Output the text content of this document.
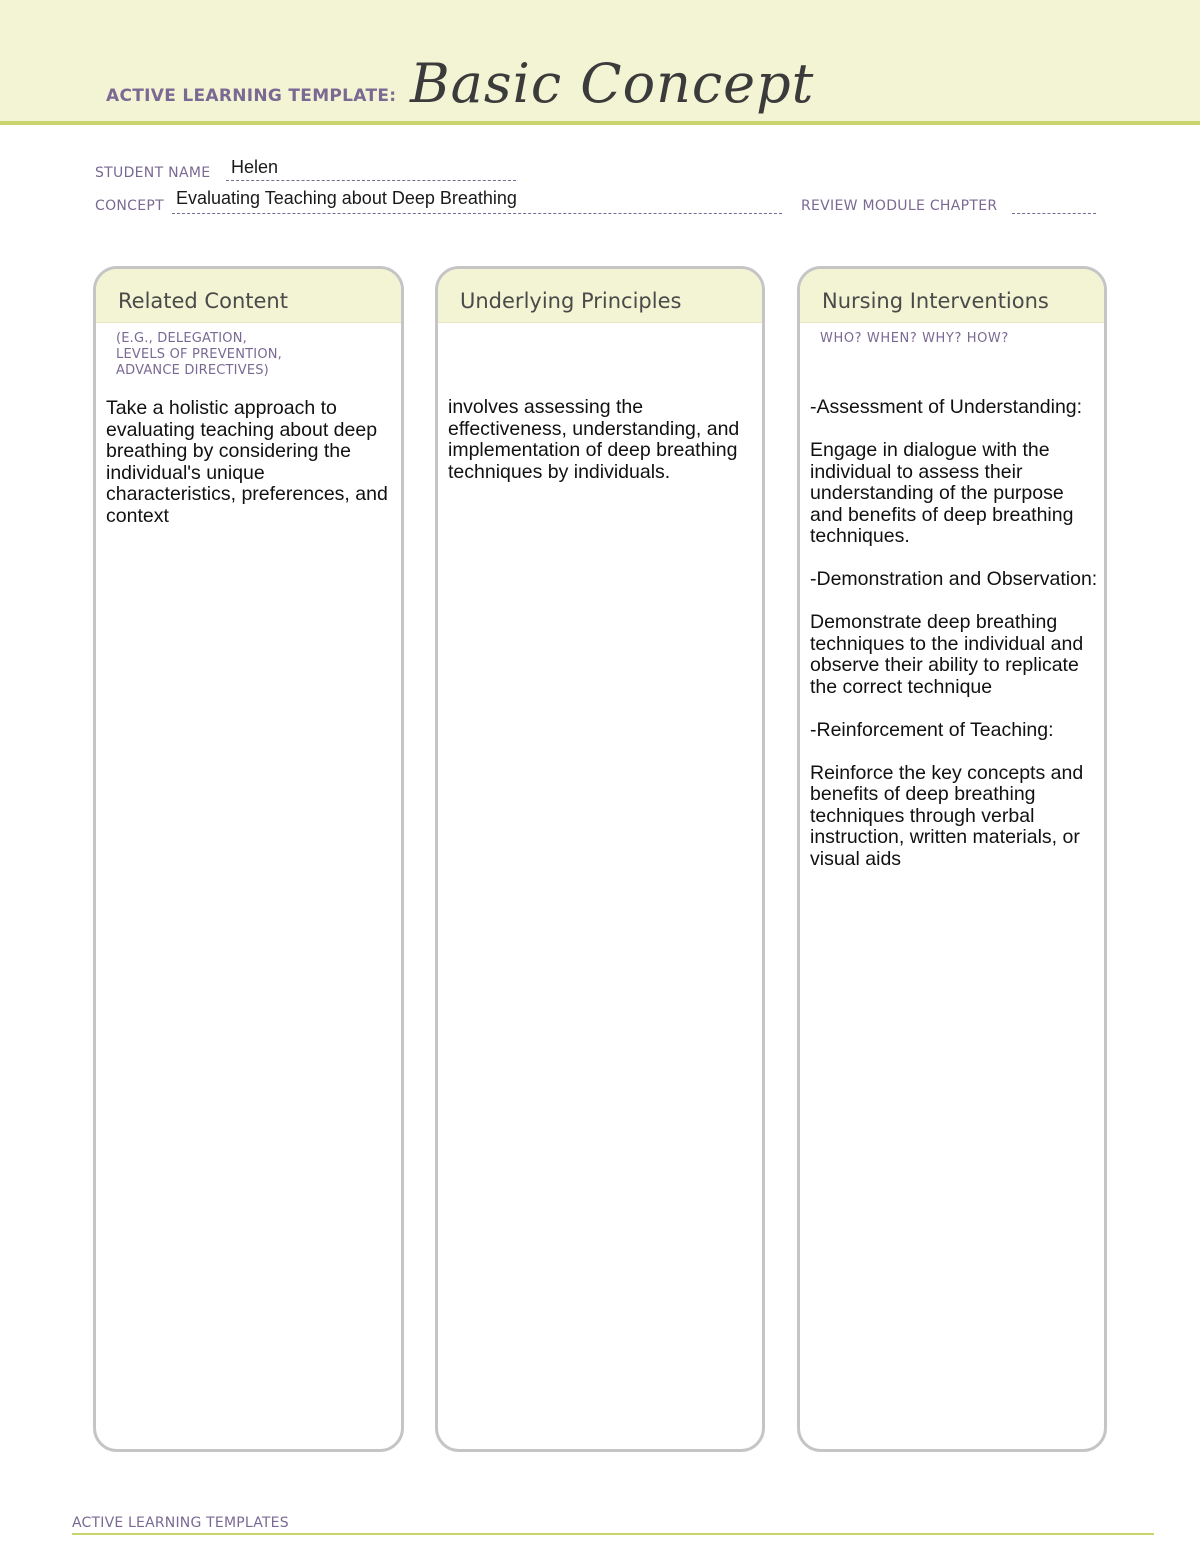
ACTIVE LEARNING TEMPLATE: Basic Concept
STUDENT NAME Helen
CONCEPT Evaluating Teaching about Deep Breathing	REVIEW MODULE CHAPTER
Related Content
(E.G., DELEGATION,
LEVELS OF PREVENTION,
ADVANCE DIRECTIVES)

Take a holistic approach to evaluating teaching about deep breathing by considering the individual's unique characteristics, preferences, and context

Underlying Principles

involves assessing the effectiveness, understanding, and implementation of deep breathing techniques by individuals.

Nursing Interventions
WHO? WHEN? WHY? HOW?

-Assessment of Understanding:

Engage in dialogue with the individual to assess their understanding of the purpose and benefits of deep breathing techniques.

-Demonstration and Observation:

Demonstrate deep breathing techniques to the individual and observe their ability to replicate the correct technique

-Reinforcement of Teaching:

Reinforce the key concepts and benefits of deep breathing techniques through verbal instruction, written materials, or visual aids

ACTIVE LEARNING TEMPLATES
